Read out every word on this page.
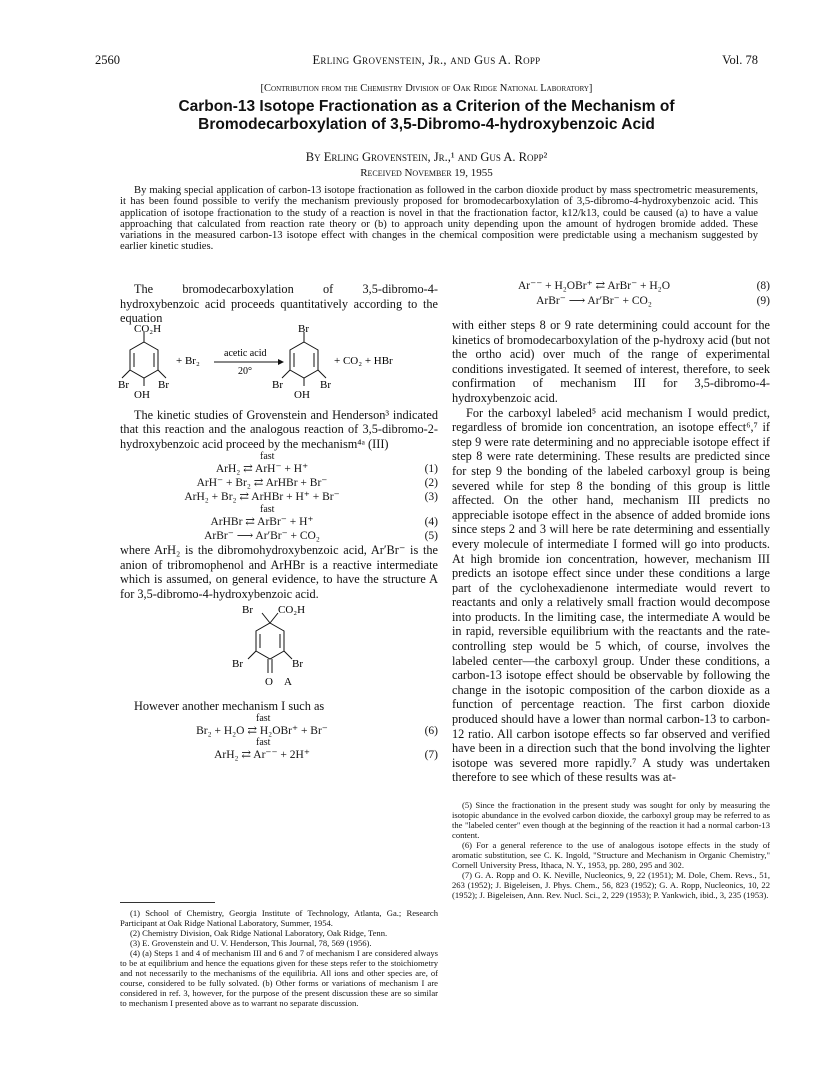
2560	Erling Grovenstein, Jr., and Gus A. Ropp	Vol. 78
[Contribution from the Chemistry Division of Oak Ridge National Laboratory]
Carbon-13 Isotope Fractionation as a Criterion of the Mechanism of
Bromodecarboxylation of 3,5-Dibromo-4-hydroxybenzoic Acid
By Erling Grovenstein, Jr.,¹ and Gus A. Ropp²
Received November 19, 1955
By making special application of carbon-13 isotope fractionation as followed in the carbon dioxide product by mass spectrometric measurements, it has been found possible to verify the mechanism previously proposed for bromodecarboxylation of 3,5-dibromo-4-hydroxybenzoic acid. This application of isotope fractionation to the study of a reaction is novel in that the fractionation factor, k12/k13, could be caused (a) to have a value approaching that calculated from reaction rate theory or (b) to approach unity depending upon the amount of hydrogen bromide added. These variations in the measured carbon-13 isotope effect with changes in the chemical composition were predictable using a mechanism suggested by earlier kinetic studies.

The bromodecarboxylation of 3,5-dibromo-4-hydroxybenzoic acid proceeds quantitatively according to the equation

CO₂H
Br	Br
OH
+ Br₂
acetic acid
20°
Br
Br	Br
OH
+ CO₂ + HBr

The kinetic studies of Grovenstein and Henderson³ indicated that this reaction and the analogous reaction of 3,5-dibromo-2-hydroxybenzoic acid proceed by the mechanism⁴ᵃ (III)

fast
ArH₂ ⇄ ArH⁻ + H⁺	(1)
ArH⁻ + Br₂ ⇄ ArHBr + Br⁻	(2)
ArH₂ + Br₂ ⇄ ArHBr + H⁺ + Br⁻	(3)
fast
ArHBr ⇄ ArBr⁻ + H⁺	(4)
ArBr⁻ ⟶ Ar′Br⁻ + CO₂	(5)

where ArH₂ is the dibromohydroxybenzoic acid, Ar′Br⁻ is the anion of tribromophenol and ArHBr is a reactive intermediate which is assumed, on general evidence, to have the structure A for 3,5-dibromo-4-hydroxybenzoic acid.

Br CO₂H
Br	Br
O A

However another mechanism I such as

fast
Br₂ + H₂O ⇄ H₂OBr⁺ + Br⁻	(6)
fast
ArH₂ ⇄ Ar⁻⁻ + 2H⁺	(7)
(1) School of Chemistry, Georgia Institute of Technology, Atlanta, Ga.; Research Participant at Oak Ridge National Laboratory, Summer, 1954.
(2) Chemistry Division, Oak Ridge National Laboratory, Oak Ridge, Tenn.
(3) E. Grovenstein and U. V. Henderson, This Journal, 78, 569 (1956).
(4) (a) Steps 1 and 4 of mechanism III and 6 and 7 of mechanism I are considered always to be at equilibrium and hence the equations given for these steps refer to the stoichiometry and not necessarily to the mechanisms of the equilibria. All ions and other species are, of course, considered to be fully solvated. (b) Other forms or variations of mechanism I are considered in ref. 3, however, for the purpose of the present discussion these are so similar to mechanism I presented above as to warrant no separate discussion.
Ar⁻⁻ + H₂OBr⁺ ⇄ ArBr⁻ + H₂O	(8)
ArBr⁻ ⟶ Ar′Br⁻ + CO₂	(9)

with either steps 8 or 9 rate determining could account for the kinetics of bromodecarboxylation of the p-hydroxy acid (but not the ortho acid) over much of the range of experimental conditions investigated. It seemed of interest, therefore, to seek confirmation of mechanism III for 3,5-dibromo-4-hydroxybenzoic acid.

For the carboxyl labeled⁵ acid mechanism I would predict, regardless of bromide ion concentration, an isotope effect⁶,⁷ if step 9 were rate determining and no appreciable isotope effect if step 8 were rate determining. These results are predicted since for step 9 the bonding of the labeled carboxyl group is being severed while for step 8 the bonding of this group is little affected. On the other hand, mechanism III predicts no appreciable isotope effect in the absence of added bromide ions since steps 2 and 3 will here be rate determining and essentially every molecule of intermediate I formed will go into products. At high bromide ion concentration, however, mechanism III predicts an isotope effect since under these conditions a large part of the cyclohexadienone intermediate would revert to reactants and only a relatively small fraction would decompose into products. In the limiting case, the intermediate A would be in rapid, reversible equilibrium with the reactants and the rate-controlling step would be 5 which, of course, involves the labeled center—the carboxyl group. Under these conditions, a carbon-13 isotope effect should be observable by following the change in the isotopic composition of the carbon dioxide as a function of percentage reaction. The first carbon dioxide produced should have a lower than normal carbon-13 to carbon-12 ratio. All carbon isotope effects so far observed and verified have been in a direction such that the bond involving the lighter isotope was severed more rapidly.⁷ A study was undertaken therefore to see which of these results was at-

(5) Since the fractionation in the present study was sought for only by measuring the isotopic abundance in the evolved carbon dioxide, the carboxyl group may be referred to as the "labeled center" even though at the beginning of the reaction it had a normal carbon-13 content.
(6) For a general reference to the use of analogous isotope effects in the study of aromatic substitution, see C. K. Ingold, "Structure and Mechanism in Organic Chemistry," Cornell University Press, Ithaca, N. Y., 1953, pp. 280, 295 and 302.
(7) G. A. Ropp and O. K. Neville, Nucleonics, 9, 22 (1951); M. Dole, Chem. Revs., 51, 263 (1952); J. Bigeleisen, J. Phys. Chem., 56, 823 (1952); G. A. Ropp, Nucleonics, 10, 22 (1952); J. Bigeleisen, Ann. Rev. Nucl. Sci., 2, 229 (1953); P. Yankwich, ibid., 3, 235 (1953).
